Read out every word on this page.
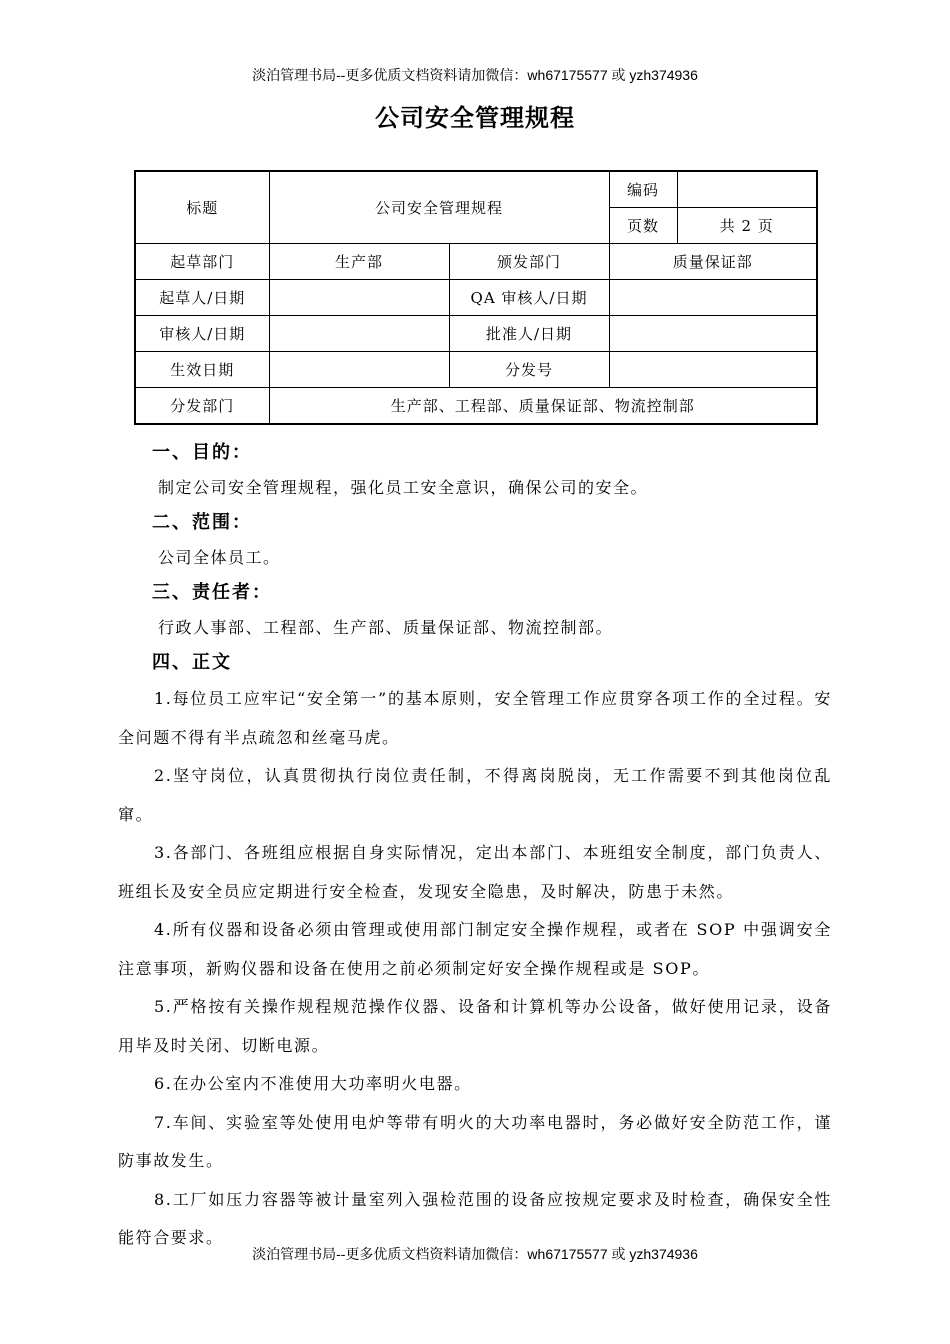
淡泊管理书局--更多优质文档资料请加微信：wh67175577 或 yzh374936
公司安全管理规程
标题	公司安全管理规程		编码	
			页数	共 2 页
起草部门	生产部	颁发部门	质量保证部	
起草人/日期		QA 审核人/日期		
审核人/日期		批准人/日期		
生效日期		分发号		
分发部门	生产部、工程部、质量保证部、物流控制部			
一、目的：
制定公司安全管理规程，强化员工安全意识，确保公司的安全。
二、范围：
公司全体员工。
三、责任者：
行政人事部、工程部、生产部、质量保证部、物流控制部。
四、正文
1.每位员工应牢记“安全第一”的基本原则，安全管理工作应贯穿各项工作的全过程。安全问题不得有半点疏忽和丝毫马虎。
2.坚守岗位，认真贯彻执行岗位责任制，不得离岗脱岗，无工作需要不到其他岗位乱窜。
3.各部门、各班组应根据自身实际情况，定出本部门、本班组安全制度，部门负责人、班组长及安全员应定期进行安全检查，发现安全隐患，及时解决，防患于未然。
4.所有仪器和设备必须由管理或使用部门制定安全操作规程，或者在 SOP 中强调安全注意事项，新购仪器和设备在使用之前必须制定好安全操作规程或是 SOP。
5.严格按有关操作规程规范操作仪器、设备和计算机等办公设备，做好使用记录，设备用毕及时关闭、切断电源。
6.在办公室内不准使用大功率明火电器。
7.车间、实验室等处使用电炉等带有明火的大功率电器时，务必做好安全防范工作，谨防事故发生。
8.工厂如压力容器等被计量室列入强检范围的设备应按规定要求及时检查，确保安全性能符合要求。
淡泊管理书局--更多优质文档资料请加微信：wh67175577 或 yzh374936
